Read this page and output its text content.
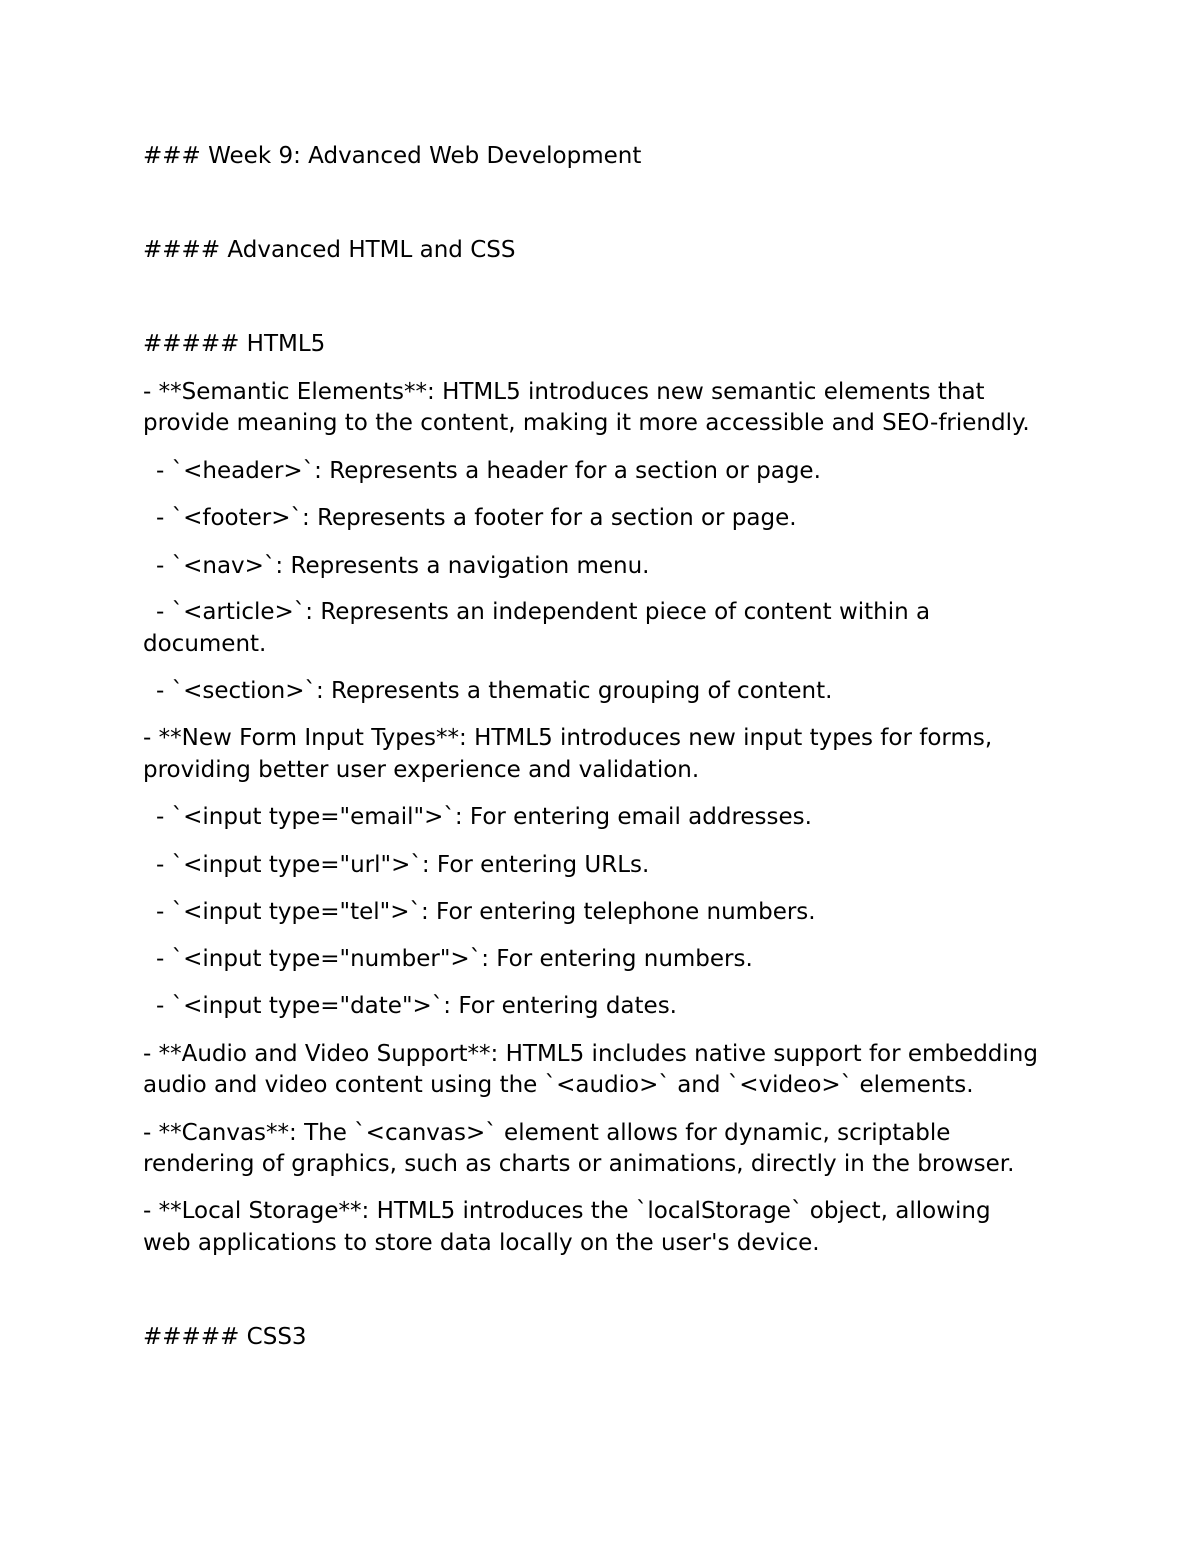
### Week 9: Advanced Web Development

#### Advanced HTML and CSS

##### HTML5

- **Semantic Elements**: HTML5 introduces new semantic elements that

provide meaning to the content, making it more accessible and SEO-friendly.

- `<header>`: Represents a header for a section or page.

- `<footer>`: Represents a footer for a section or page.

- `<nav>`: Represents a navigation menu.

- `<article>`: Represents an independent piece of content within a

document.

- `<section>`: Represents a thematic grouping of content.

- **New Form Input Types**: HTML5 introduces new input types for forms,

providing better user experience and validation.

- `<input type="email">`: For entering email addresses.

- `<input type="url">`: For entering URLs.

- `<input type="tel">`: For entering telephone numbers.

- `<input type="number">`: For entering numbers.

- `<input type="date">`: For entering dates.

- **Audio and Video Support**: HTML5 includes native support for embedding

audio and video content using the `<audio>` and `<video>` elements.

- **Canvas**: The `<canvas>` element allows for dynamic, scriptable

rendering of graphics, such as charts or animations, directly in the browser.

- **Local Storage**: HTML5 introduces the `localStorage` object, allowing

web applications to store data locally on the user's device.

##### CSS3
